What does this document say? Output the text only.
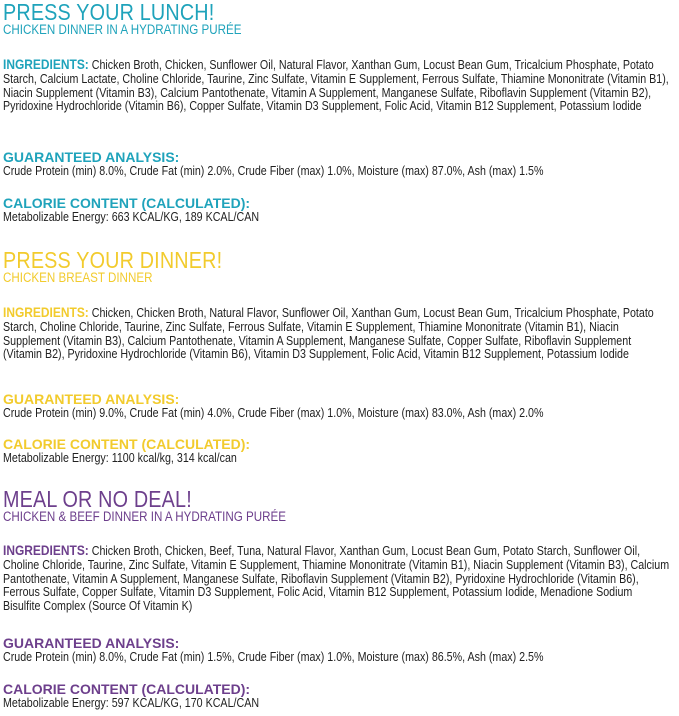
PRESS YOUR LUNCH!
CHICKEN DINNER IN A HYDRATING PURÉE
INGREDIENTS: Chicken Broth, Chicken, Sunflower Oil, Natural Flavor, Xanthan Gum, Locust Bean Gum, Tricalcium Phosphate, Potato Starch, Calcium Lactate, Choline Chloride, Taurine, Zinc Sulfate, Vitamin E Supplement, Ferrous Sulfate, Thiamine Mononitrate (Vitamin B1), Niacin Supplement (Vitamin B3), Calcium Pantothenate, Vitamin A Supplement, Manganese Sulfate, Riboflavin Supplement (Vitamin B2), Pyridoxine Hydrochloride (Vitamin B6), Copper Sulfate, Vitamin D3 Supplement, Folic Acid, Vitamin B12 Supplement, Potassium Iodide
GUARANTEED ANALYSIS:
Crude Protein (min) 8.0%, Crude Fat (min) 2.0%, Crude Fiber (max) 1.0%, Moisture (max) 87.0%, Ash (max) 1.5%
CALORIE CONTENT (CALCULATED):
Metabolizable Energy: 663 KCAL/KG, 189 KCAL/CAN
PRESS YOUR DINNER!
CHICKEN BREAST DINNER
INGREDIENTS: Chicken, Chicken Broth, Natural Flavor, Sunflower Oil, Xanthan Gum, Locust Bean Gum, Tricalcium Phosphate, Potato Starch, Choline Chloride, Taurine, Zinc Sulfate, Ferrous Sulfate, Vitamin E Supplement, Thiamine Mononitrate (Vitamin B1), Niacin Supplement (Vitamin B3), Calcium Pantothenate, Vitamin A Supplement, Manganese Sulfate, Copper Sulfate, Riboflavin Supplement (Vitamin B2), Pyridoxine Hydrochloride (Vitamin B6), Vitamin D3 Supplement, Folic Acid, Vitamin B12 Supplement, Potassium Iodide
GUARANTEED ANALYSIS:
Crude Protein (min) 9.0%, Crude Fat (min) 4.0%, Crude Fiber (max) 1.0%, Moisture (max) 83.0%, Ash (max) 2.0%
CALORIE CONTENT (CALCULATED):
Metabolizable Energy: 1100 kcal/kg, 314 kcal/can
MEAL OR NO DEAL!
CHICKEN & BEEF DINNER IN A HYDRATING PURÉE
INGREDIENTS: Chicken Broth, Chicken, Beef, Tuna, Natural Flavor, Xanthan Gum, Locust Bean Gum, Potato Starch, Sunflower Oil, Choline Chloride, Taurine, Zinc Sulfate, Vitamin E Supplement, Thiamine Mononitrate (Vitamin B1), Niacin Supplement (Vitamin B3), Calcium Pantothenate, Vitamin A Supplement, Manganese Sulfate, Riboflavin Supplement (Vitamin B2), Pyridoxine Hydrochloride (Vitamin B6), Ferrous Sulfate, Copper Sulfate, Vitamin D3 Supplement, Folic Acid, Vitamin B12 Supplement, Potassium Iodide, Menadione Sodium Bisulfite Complex (Source Of Vitamin K)
GUARANTEED ANALYSIS:
Crude Protein (min) 8.0%, Crude Fat (min) 1.5%, Crude Fiber (max) 1.0%, Moisture (max) 86.5%, Ash (max) 2.5%
CALORIE CONTENT (CALCULATED):
Metabolizable Energy: 597 KCAL/KG, 170 KCAL/CAN
